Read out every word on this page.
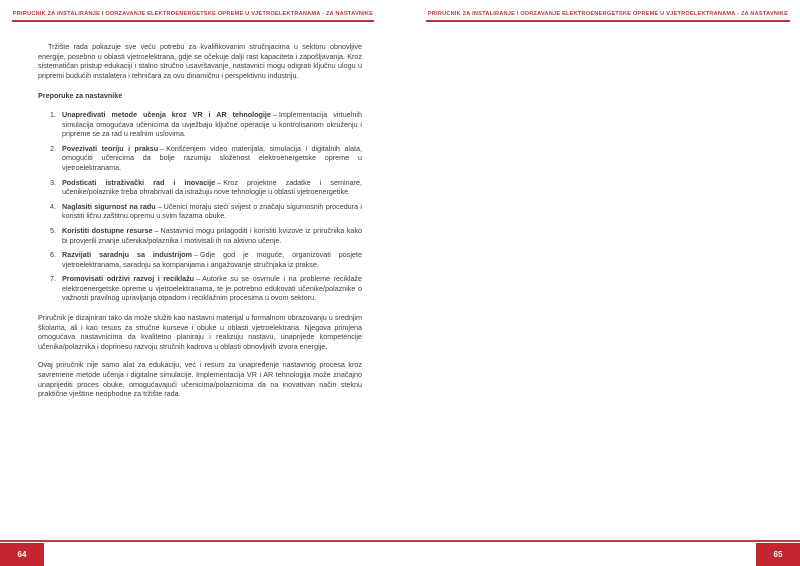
PRIRUČNIK ZA INSTALIRANJE I ODRŽAVANJE ELEKTROENERGETSKE OPREME U VJETROELEKTRANAMA - ZA NASTAVNIKE	PRIRUČNIK ZA INSTALIRANJE I ODRŽAVANJE ELEKTROENERGETSKE OPREME U VJETROELEKTRANAMA - ZA NASTAVNIKE

Tržište rada pokazuje sve veću potrebu za kvalifikovanim stručnjacima u sektoru obnovljive energije, posebno u oblasti vjetroelektrana, gdje se očekuje dalji rast kapaciteta i zapošljavanja. Kroz sistematičan pristup edukaciji i stalno stručno usavršavanje, nastavnici mogu odigrati ključnu ulogu u pripremi budućih instalatera i tehničara za ovu dinamičnu i perspektivnu industriju.

Preporuke za nastavnike

1. Unapređivati metode učenja kroz VR i AR tehnologije – Implementacija virtuelnih simulacija omogućava učenicima da uvježbaju ključne operacije u kontrolisanom okruženju i pripreme se za rad u realnim uslovima.
2. Povezivati teoriju i praksu – Korišćenjem video materijala, simulacija i digitalnih alata, omogućiti učenicima da bolje razumiju složenost elektroenergetske opreme u vjetroelektranama.
3. Podsticati istraživački rad i inovacije – Kroz projektne zadatke i seminare, učenike/polaznike treba ohrabrivati da istražuju nove tehnologije u oblasti vjetroenergetike.
4. Naglasiti sigurnost na radu – Učenici moraju steći svijest o značaju sigurnosnih procedura i koristiti ličnu zaštitnu opremu u svim fazama obuke.
5. Koristiti dostupne resurse – Nastavnici mogu prilagoditi i koristiti kvizove iz priručnika kako bi provjerili znanje učenika/polaznika i motivisali ih na aktivno učenje.
6. Razvijati saradnju sa industrijom – Gdje god je moguće, organizovati posjete vjetroelektranama, saradnju sa kompanijama i angažovanje stručnjaka iz prakse.
7. Promovisati održivi razvoj i reciklažu – Autorke su se osvrnule i na probleme reciklaže elektroenergetske opreme u vjetroelektranama, te je potrebno edukovati učenike/polaznike o važnosti pravilnog upravljanja otpadom i reciklažnim procesima u ovom sektoru.

Priručnik je dizajniran tako da može služiti kao nastavni materijal u formalnom obrazovanju u srednjim školama, ali i kao resurs za stručne kurseve i obuke u oblasti vjetroelektrana. Njegova primjena omogućava nastavnicima da kvalitetno planiraju i realizuju nastavu, unaprijede kompetencije učenika/polaznika i doprinesu razvoju stručnih kadrova u oblasti obnovljivih izvora energije.

Ovaj priručnik nije samo alat za edukaciju, već i resurs za unapređenje nastavnog procesa kroz savremene metode učenja i digitalne simulacije. Implementacija VR i AR tehnologija može značajno unaprijediti proces obuke, omogućavajući učenicima/polaznicima da na inovativan način steknu praktične vještine neophodne za tržište rada.

64	65
